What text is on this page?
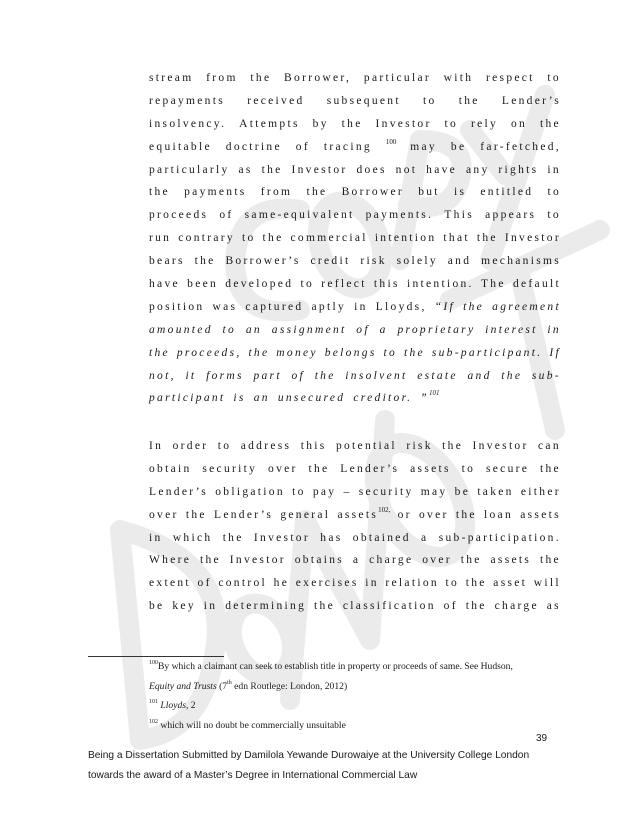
stream from the Borrower, particular with respect to
repayments received subsequent to the Lender’s
insolvency. Attempts by the Investor to rely on the
equitable doctrine of tracing $^{100}$ may be far-fetched,
particularly as the Investor does not have any rights in
the payments from the Borrower but is entitled to
proceeds of same-equivalent payments. This appears to
run contrary to the commercial intention that the Investor
bears the Borrower’s credit risk solely and mechanisms
have been developed to reflect this intention. The default
position was captured aptly in Lloyds, “If the agreement
amounted to an assignment of a proprietary interest in
the proceeds, the money belongs to the sub-participant. If
not, it forms part of the insolvent estate and the sub-
participant is an unsecured creditor. ”$^{101}$
In order to address this potential risk the Investor can
obtain security over the Lender’s assets to secure the
Lender’s obligation to pay – security may be taken either
over the Lender’s general assets$^{102,}$ or over the loan assets
in which the Investor has obtained a sub-participation.
Where the Investor obtains a charge over the assets the
extent of control he exercises in relation to the asset will
be key in determining the classification of the charge as
$^{100}$By which a claimant can seek to establish title in property or proceeds of same. See Hudson,
Equity and Trusts (7th edn Routlege: London, 2012)
$^{101}$ Lloyds, 2
$^{102}$ which will no doubt be commercially unsuitable
39
Being a Dissertation Submitted by Damilola Yewande Durowaiye at the University College London
towards the award of a Master’s Degree in International Commercial Law
